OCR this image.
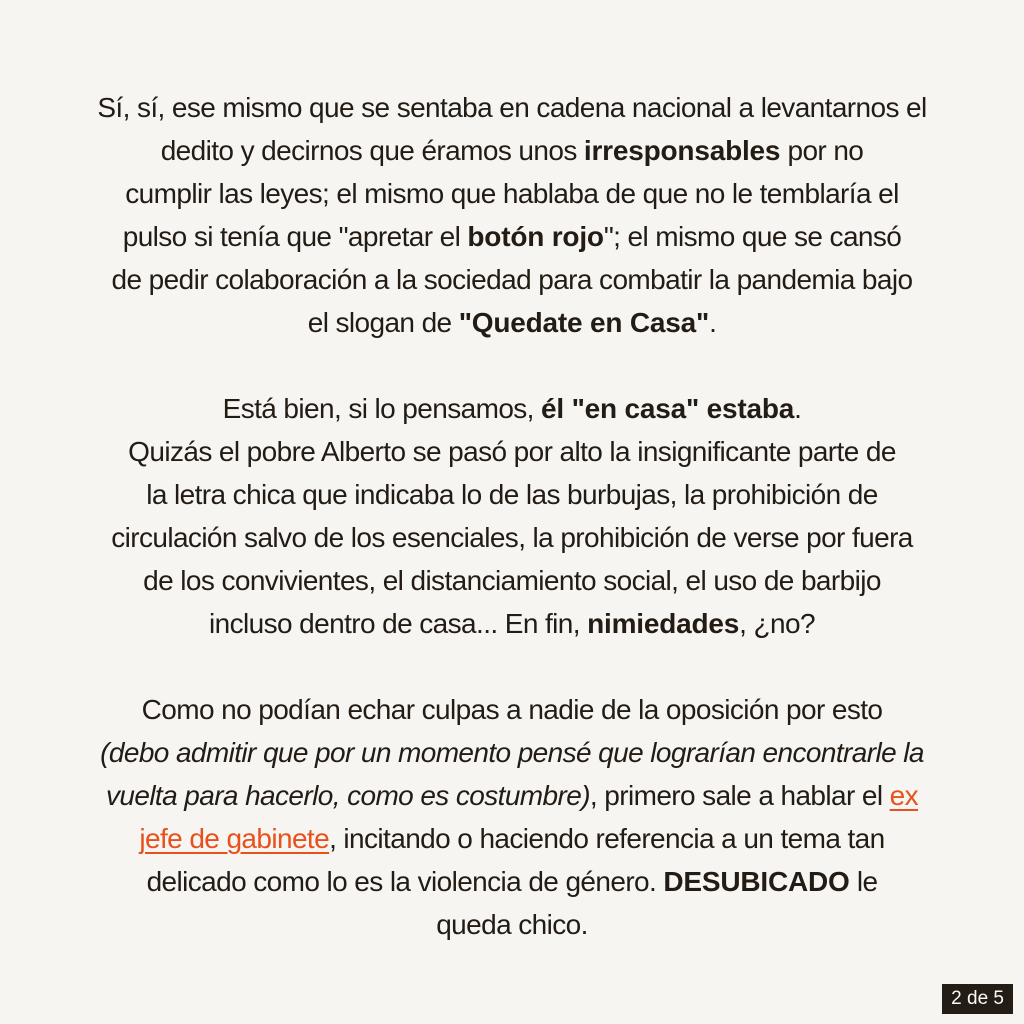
Sí, sí, ese mismo que se sentaba en cadena nacional a levantarnos el
dedito y decirnos que éramos unos irresponsables por no
cumplir las leyes; el mismo que hablaba de que no le temblaría el
pulso si tenía que "apretar el botón rojo"; el mismo que se cansó
de pedir colaboración a la sociedad para combatir la pandemia bajo
el slogan de "Quedate en Casa".
Está bien, si lo pensamos, él "en casa" estaba.
Quizás el pobre Alberto se pasó por alto la insignificante parte de
la letra chica que indicaba lo de las burbujas, la prohibición de
circulación salvo de los esenciales, la prohibición de verse por fuera
de los convivientes, el distanciamiento social, el uso de barbijo
incluso dentro de casa... En fin, nimiedades, ¿no?
Como no podían echar culpas a nadie de la oposición por esto
(debo admitir que por un momento pensé que lograrían encontrarle la
vuelta para hacerlo, como es costumbre), primero sale a hablar el ex
jefe de gabinete, incitando o haciendo referencia a un tema tan
delicado como lo es la violencia de género. DESUBICADO le
queda chico.
2 de 5
